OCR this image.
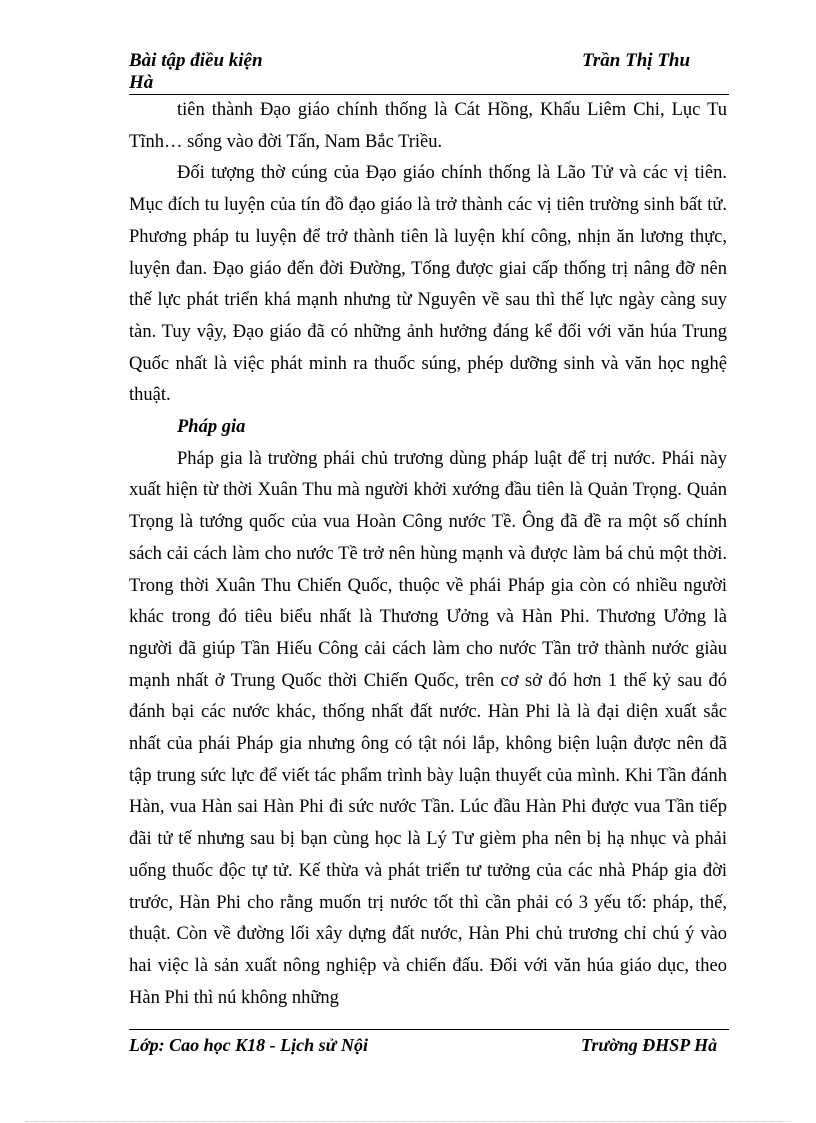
Bài tập điều kiện Hà
Trần Thị Thu

tiên thành Đạo giáo chính thống là Cát Hồng, Khấu Liêm Chi, Lục Tu Tĩnh… sống vào đời Tấn, Nam Bắc Triều.

Đối tượng thờ cúng của Đạo giáo chính thống là Lão Tử và các vị tiên. Mục đích tu luyện của tín đồ đạo giáo là trở thành các vị tiên trường sinh bất tử. Phương pháp tu luyện để trở thành tiên là luyện khí công, nhịn ăn lương thực, luyện đan. Đạo giáo đến đời Đường, Tống được giai cấp thống trị nâng đỡ nên thế lực phát triển khá mạnh nhưng từ Nguyên về sau thì thế lực ngày càng suy tàn. Tuy vậy, Đạo giáo đã có những ảnh hưởng đáng kể đối với văn húa Trung Quốc nhất là việc phát minh ra thuốc súng, phép dưỡng sinh và văn học nghệ thuật.

Pháp gia

Pháp gia là trường phái chủ trương dùng pháp luật để trị nước. Phái này xuất hiện từ thời Xuân Thu mà người khởi xướng đầu tiên là Quản Trọng. Quản Trọng là tướng quốc của vua Hoàn Công nước Tề. Ông đã đề ra một số chính sách cải cách làm cho nước Tề trở nên hùng mạnh và được làm bá chủ một thời. Trong thời Xuân Thu Chiến Quốc, thuộc về phái Pháp gia còn có nhiều người khác trong đó tiêu biểu nhất là Thương Ưởng và Hàn Phi. Thương Ưởng là người đã giúp Tần Hiếu Công cải cách làm cho nước Tần trở thành nước giàu mạnh nhất ở Trung Quốc thời Chiến Quốc, trên cơ sở đó hơn 1 thế kỷ sau đó đánh bại các nước khác, thống nhất đất nước. Hàn Phi là là đại diện xuất sắc nhất của phái Pháp gia nhưng ông có tật nói lắp, không biện luận được nên đã tập trung sức lực để viết tác phẩm trình bày luận thuyết của mình. Khi Tần đánh Hàn, vua Hàn sai Hàn Phi đi sức nước Tần. Lúc đầu Hàn Phi được vua Tần tiếp đãi tử tế nhưng sau bị bạn cùng học là Lý Tư gièm pha nên bị hạ nhục và phải uống thuốc độc tự tử. Kế thừa và phát triển tư tưởng của các nhà Pháp gia đời trước, Hàn Phi cho rằng muốn trị nước tốt thì cần phải có 3 yếu tố: pháp, thế, thuật. Còn về đường lối xây dựng đất nước, Hàn Phi chủ trương chỉ chú ý vào hai việc là sản xuất nông nghiệp và chiến đấu. Đối với văn húa giáo dục, theo Hàn Phi thì nú không những

Lớp: Cao học K18 - Lịch sử Nội	Trường ĐHSP Hà
